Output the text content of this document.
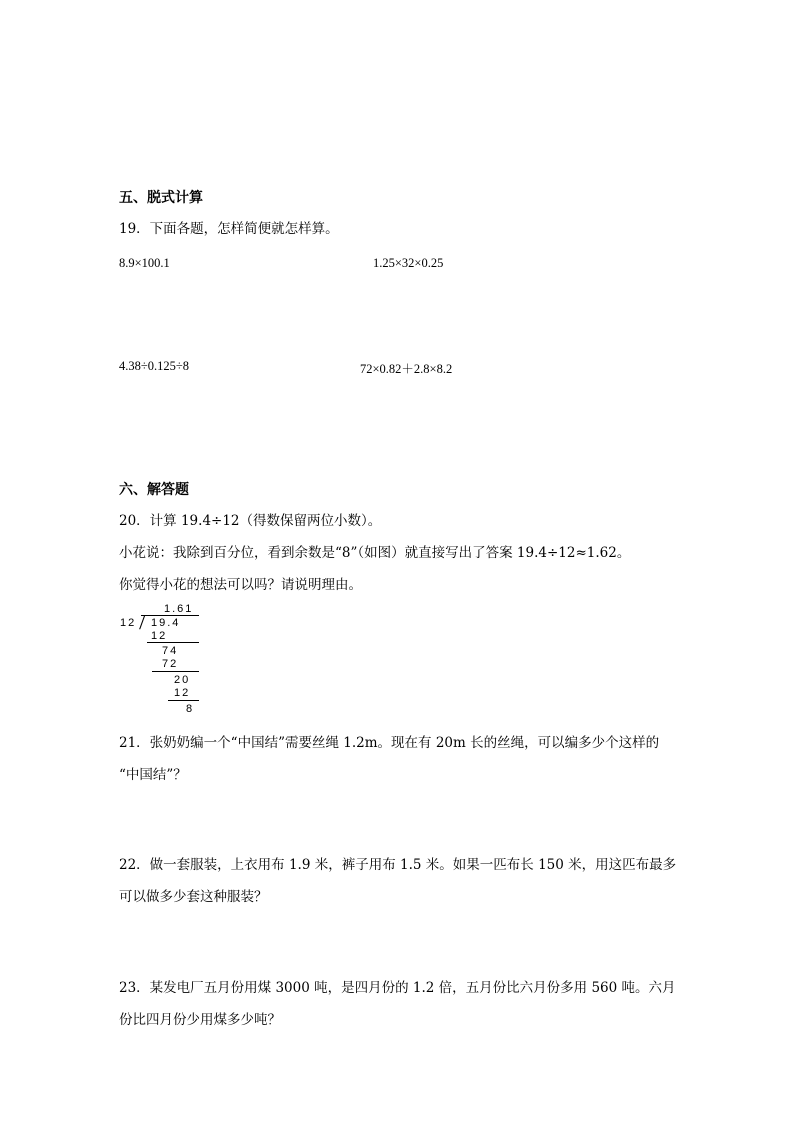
五、脱式计算
19．下面各题，怎样简便就怎样算。
8.9×100.1	1.25×32×0.25
4.38÷0.125÷8	72×0.82＋2.8×8.2
六、解答题
20．计算 19.4÷12（得数保留两位小数）。
小花说：我除到百分位，看到余数是“8”（如图）就直接写出了答案 19.4÷12≈1.62。
你觉得小花的想法可以吗？请说明理由。
1.61
12 | 19.4
12
74
72
20
12
8
21．张奶奶编一个“中国结”需要丝绳 1.2m。现在有 20m 长的丝绳，可以编多少个这样的
“中国结”？
22．做一套服装，上衣用布 1.9 米，裤子用布 1.5 米。如果一匹布长 150 米，用这匹布最多
可以做多少套这种服装？
23．某发电厂五月份用煤 3000 吨，是四月份的 1.2 倍，五月份比六月份多用 560 吨。六月
份比四月份少用煤多少吨？
